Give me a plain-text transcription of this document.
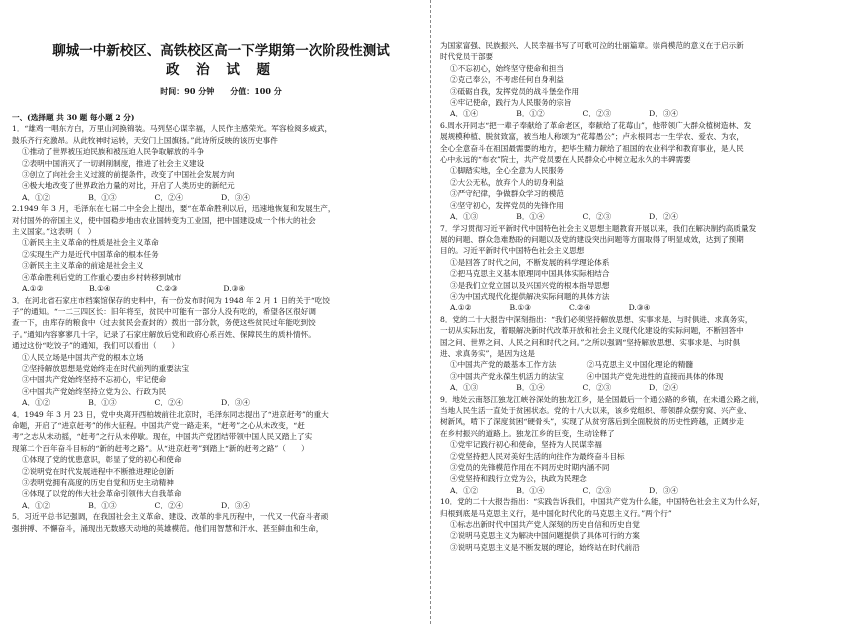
聊城一中新校区、高铁校区高一下学期第一次阶段性测试
政 治 试 题
时间：90 分钟　　分值：100 分
一、(选择题 共 30 题 每小题 2 分)
1．“雄鸡一唱东方白，万里山河换锦装。马列坚心谋幸福，人民作主感荣光。军容检阅多威武，
鼓乐齐行充激昂。从此牧神时运转，天安门上国旗扬。”此诗所反映的该历史事件
①推动了世界被压迫民族和被压迫人民争取解放的斗争
②表明中国消灭了一切剥削制度，推进了社会主义建设
③创立了向社会主义过渡的前提条件，改变了中国社会发展方向
④极大地改变了世界政治力量的对比，开启了人类历史的新纪元
A．①②　　　　　B．①③　　　　　C．②④　　　　　D．③④
2.1949 年 3 月，毛泽东在七届二中全会上提出，要“在革命胜利以后，迅速地恢复和发展生产，
对付国外的帝国主义，使中国稳步地由农业国转变为工业国，把中国建设成一个伟大的社会
主义国家。”这表明（　）
①新民主主义革命的性质是社会主义革命
②实现生产力是近代中国革命的根本任务
③新民主主义革命的前途是社会主义
④革命胜利后党的工作重心要由乡村转移到城市
A.①②　　　　　　B.①④　　　　　　C.②③　　　　　　D.③④
3．在河北省石家庄市档案馆保存的史料中，有一份发布时间为 1948 年 2 月 1 日的关于“吃饺
子”的通知。“一二三四区长：旧年将至，贫民中可能有一部分人没有吃的，希望各区很好调
查一下，由库存的粮食中（过去贫民会查封的）拨出一部分款，务使这些贫民过年能吃到饺
子。”通知内容寥寥几十字，记录了石家庄解放后党和政府心系百姓、保障民生的质朴情怀。
通过这份“吃饺子”的通知，我们可以看出（　　）
①人民立场是中国共产党的根本立场
②坚持解放思想是党始终走在时代前列的重要法宝
③中国共产党始终坚持不忘初心，牢记使命
④中国共产党始终坚持立党为公、行政为民
A．①②　　　　　B．①③　　　　　C．②④　　　　　D．③④
4．1949 年 3 月 23 日，党中央离开西柏坡前往北京时，毛泽东同志提出了“进京赶考”的重大
命题，开启了“进京赶考”的伟大征程。中国共产党一路走来，“赶考”之心从未改变，“赶
考”之志从未动摇，“赶考”之行从未停歇。现在，中国共产党团结带领中国人民又踏上了实
现第二个百年奋斗目标的“新的赶考之路”。从“进京赶考”到踏上“新的赶考之路”（　　）
①体现了党的忧患意识，彰显了党的初心和使命
②说明党在时代发展进程中不断推进理论创新
③表明党拥有高度的历史自觉和历史主动精神
④体现了以党的伟大社会革命引领伟大自我革命
A．①②　　　　　B．①③　　　　　C．②④　　　　　D．③④
5．习近平总书记强调，在我国社会主义革命、建设、改革的非凡历程中，一代又一代奋斗者顽
强拼搏、不懈奋斗，涌现出无数感天动地的英雄模范。他们用智慧和汗水、甚至鲜血和生命，
为国家富强、民族振兴、人民幸福书写了可歌可泣的壮丽篇章。崇尚模范的意义在于启示新
时代党员干部要
①不忘初心，始终坚守使命和担当
②克己奉公，不考虑任何自身利益
③砥砺自我，发挥党员的战斗堡垒作用
④牢记使命，践行为人民服务的宗旨
A．①④　　　　　B．①②　　　　　C．②③　　　　　D．③④
6.周水开同志“把一辈子奉献给了革命老区，奉献给了花莓山”，他带领广大群众植树造林、发
展规模种植、脱贫致富，被当地人称颂为“花莓愚公”；卢永根同志一生学农、爱农、为农，
全心全意奋斗在祖国最需要的地方，把毕生精力献给了祖国的农业科学和教育事业，是人民
心中永远的“布衣”院士，共产党员要在人民群众心中树立起永久的丰碑需要
①脚踏实地，全心全意为人民服务
②大公无私，放弃个人的切身利益
③严守纪律，争做群众学习的模范
④坚守初心，发挥党员的先锋作用
A．①③　　　　　B．①④　　　　　C．②③　　　　　D．②④
7．学习贯彻习近平新时代中国特色社会主义思想主题教育开展以来，我们在解决制约高质量发
展的问题、群众急难愁盼的问题以及党的建设突出问题等方面取得了明显成效，达到了预期
目的。习近平新时代中国特色社会主义思想
①是回答了时代之问，不断发展的科学理论体系
②把马克思主义基本原理同中国具体实际相结合
③是我们立党立国以及兴国兴党的根本指导思想
④为中国式现代化提供解决实际问题的具体方法
A.①②　　　　　B.①③　　　　　C.②④　　　　　D.③④
8．党的二十大报告中深刻指出：“我们必须坚持解放思想、实事求是、与时俱进、求真务实，
一切从实际出发，着眼解决新时代改革开放和社会主义现代化建设的实际问题，不断回答中
国之问、世界之问、人民之问和时代之问。”之所以强调“坚持解放思想、实事求是、与时俱
进、求真务实”，是因为这是
①中国共产党的最基本工作方法　　　　②马克思主义中国化理论的精髓
③中国共产党永葆生机活力的法宝　　　④中国共产党先进性的直接而具体的体现
A．①③　　　　　B．①④　　　　　C．②③　　　　　D．②④
9．地处云南怒江独龙江峡谷深处的独龙江乡，是全国最后一个通公路的乡镇，在未通公路之前，
当地人民生活一直处于贫困状态。党的十八大以来，该乡党组织、带领群众摆穷窝、兴产业、
树新风，啃下了深度贫困“硬骨头”，实现了从贫穷落后到全面脱贫的历史性跨越，正阔步走
在乡村振兴的道路上。独龙江乡的巨变，生动诠释了
①党牢记践行初心和使命，坚持为人民谋幸福
②党坚持把人民对美好生活的向往作为最终奋斗目标
③党员的先锋模范作用在不同历史时期内涵不同
④党坚持和践行立党为公，执政为民理念
A．①②　　　　　B．①④　　　　　C．②③　　　　　D．③④
10．党的二十大报告指出：“实践告诉我们，中国共产党为什么能，中国特色社会主义为什么好，
归根到底是马克思主义行，是中国化时代化的马克思主义行。”两个行”
①标志出新时代中国共产党人深刻的历史自信和历史自觉
②说明马克思主义为解决中国问题提供了具体可行的方案
③说明马克思主义是不断发展的理论，始终站在时代前沿
